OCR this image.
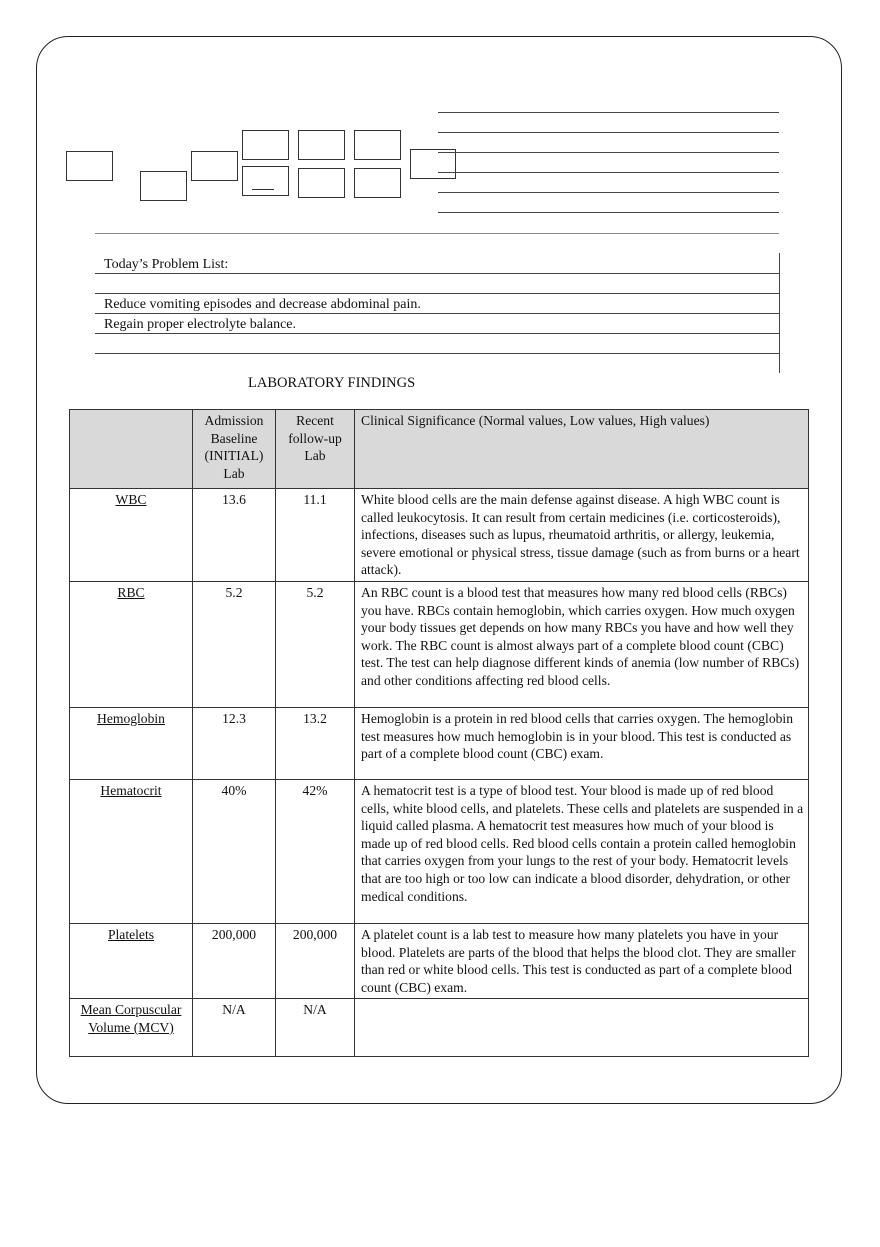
Today’s Problem List:
Reduce vomiting episodes and decrease abdominal pain.
Regain proper electrolyte balance.
LABORATORY FINDINGS
	Admission Baseline (INITIAL) Lab	Recent follow-up Lab	Clinical Significance (Normal values, Low values, High values)
WBC	13.6	11.1	White blood cells are the main defense against disease. A high WBC count is called leukocytosis. It can result from certain medicines (i.e. corticosteroids), infections, diseases such as lupus, rheumatoid arthritis, or allergy, leukemia, severe emotional or physical stress, tissue damage (such as from burns or a heart attack).
RBC	5.2	5.2	An RBC count is a blood test that measures how many red blood cells (RBCs) you have. RBCs contain hemoglobin, which carries oxygen. How much oxygen your body tissues get depends on how many RBCs you have and how well they work. The RBC count is almost always part of a complete blood count (CBC) test. The test can help diagnose different kinds of anemia (low number of RBCs) and other conditions affecting red blood cells.
Hemoglobin	12.3	13.2	Hemoglobin is a protein in red blood cells that carries oxygen. The hemoglobin test measures how much hemoglobin is in your blood. This test is conducted as part of a complete blood count (CBC) exam.
Hematocrit	40%	42%	A hematocrit test is a type of blood test. Your blood is made up of red blood cells, white blood cells, and platelets. These cells and platelets are suspended in a liquid called plasma. A hematocrit test measures how much of your blood is made up of red blood cells. Red blood cells contain a protein called hemoglobin that carries oxygen from your lungs to the rest of your body. Hematocrit levels that are too high or too low can indicate a blood disorder, dehydration, or other medical conditions.
Platelets	200,000	200,000	A platelet count is a lab test to measure how many platelets you have in your blood. Platelets are parts of the blood that helps the blood clot. They are smaller than red or white blood cells. This test is conducted as part of a complete blood count (CBC) exam.
Mean Corpuscular Volume (MCV)	N/A	N/A	
